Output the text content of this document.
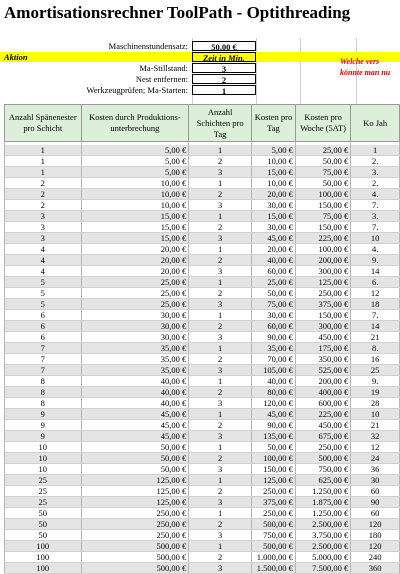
Amortisationsrechner ToolPath - Optithreading
Maschinenstundensatz:	50,00 €
Aktion	Zeit in Min.
Ma-Stillstand:	3
Nest entfernen:	2
Werkzeugprüfen; Ma-Starten:	1
Welche vers
könnte man nu
Anzahl Spänenester pro Schicht	Kosten durch Produktions-unterbrechung	Anzahl Schichten pro Tag	Kosten pro Tag	Kosten pro Woche (5AT)	Ko Jah

1	5,00 €	1	5,00 €	25,00 €	1
1	5,00 €	2	10,00 €	50,00 €	2.
1	5,00 €	3	15,00 €	75,00 €	3.
2	10,00 €	1	10,00 €	50,00 €	2.
2	10,00 €	2	20,00 €	100,00 €	4.
2	10,00 €	3	30,00 €	150,00 €	7.
3	15,00 €	1	15,00 €	75,00 €	3.
3	15,00 €	2	30,00 €	150,00 €	7.
3	15,00 €	3	45,00 €	225,00 €	10
4	20,00 €	1	20,00 €	100,00 €	4.
4	20,00 €	2	40,00 €	200,00 €	9.
4	20,00 €	3	60,00 €	300,00 €	14
5	25,00 €	1	25,00 €	125,00 €	6.
5	25,00 €	2	50,00 €	250,00 €	12
5	25,00 €	3	75,00 €	375,00 €	18
6	30,00 €	1	30,00 €	150,00 €	7.
6	30,00 €	2	60,00 €	300,00 €	14
6	30,00 €	3	90,00 €	450,00 €	21
7	35,00 €	1	35,00 €	175,00 €	8.
7	35,00 €	2	70,00 €	350,00 €	16
7	35,00 €	3	105,00 €	525,00 €	25
8	40,00 €	1	40,00 €	200,00 €	9.
8	40,00 €	2	80,00 €	400,00 €	19
8	40,00 €	3	120,00 €	600,00 €	28
9	45,00 €	1	45,00 €	225,00 €	10
9	45,00 €	2	90,00 €	450,00 €	21
9	45,00 €	3	135,00 €	675,00 €	32
10	50,00 €	1	50,00 €	250,00 €	12
10	50,00 €	2	100,00 €	500,00 €	24
10	50,00 €	3	150,00 €	750,00 €	36
25	125,00 €	1	125,00 €	625,00 €	30
25	125,00 €	2	250,00 €	1.250,00 €	60
25	125,00 €	3	375,00 €	1.875,00 €	90
50	250,00 €	1	250,00 €	1.250,00 €	60
50	250,00 €	2	500,00 €	2.500,00 €	120
50	250,00 €	3	750,00 €	3.750,00 €	180
100	500,00 €	1	500,00 €	2.500,00 €	120
100	500,00 €	2	1.000,00 €	5.000,00 €	240
100	500,00 €	3	1.500,00 €	7.500,00 €	360
